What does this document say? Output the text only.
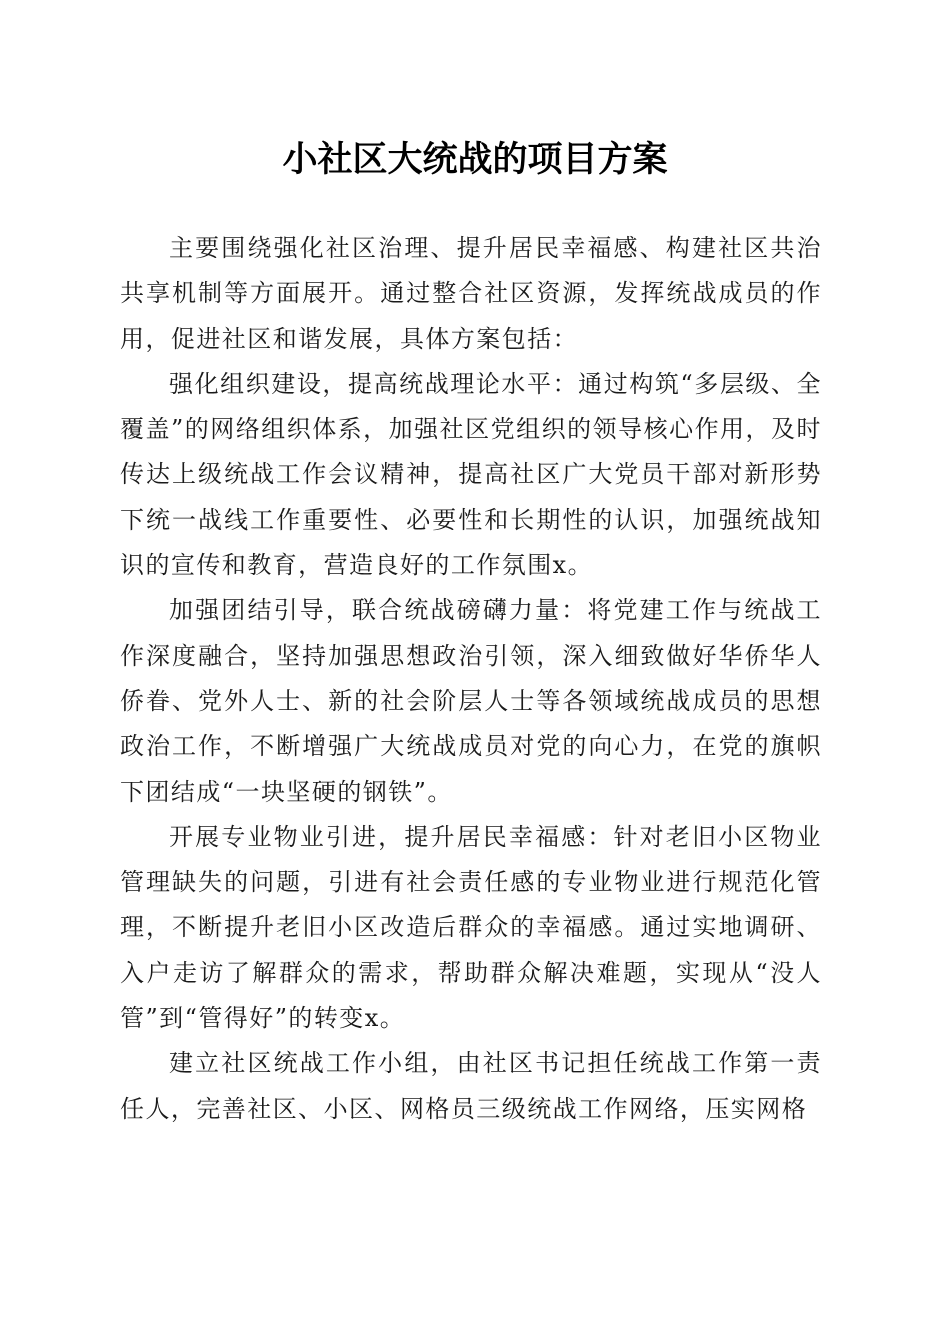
小社区大统战的项目方案

主要围绕强化社区治理、提升居民幸福感、构建社区共治共享机制等方面展开。通过整合社区资源，发挥统战成员的作用，促进社区和谐发展，具体方案包括：

强化组织建设，提高统战理论水平：通过构筑“多层级、全覆盖”的网络组织体系，加强社区党组织的领导核心作用，及时传达上级统战工作会议精神，提高社区广大党员干部对新形势下统一战线工作重要性、必要性和长期性的认识，加强统战知识的宣传和教育，营造良好的工作氛围x。

加强团结引导，联合统战磅礴力量：将党建工作与统战工作深度融合，坚持加强思想政治引领，深入细致做好华侨华人侨眷、党外人士、新的社会阶层人士等各领域统战成员的思想政治工作，不断增强广大统战成员对党的向心力，在党的旗帜下团结成“一块坚硬的钢铁”。

开展专业物业引进，提升居民幸福感：针对老旧小区物业管理缺失的问题，引进有社会责任感的专业物业进行规范化管理，不断提升老旧小区改造后群众的幸福感。通过实地调研、入户走访了解群众的需求，帮助群众解决难题，实现从“没人管”到“管得好”的转变x。

建立社区统战工作小组，由社区书记担任统战工作第一责任人，完善社区、小区、网格员三级统战工作网络，压实网格
